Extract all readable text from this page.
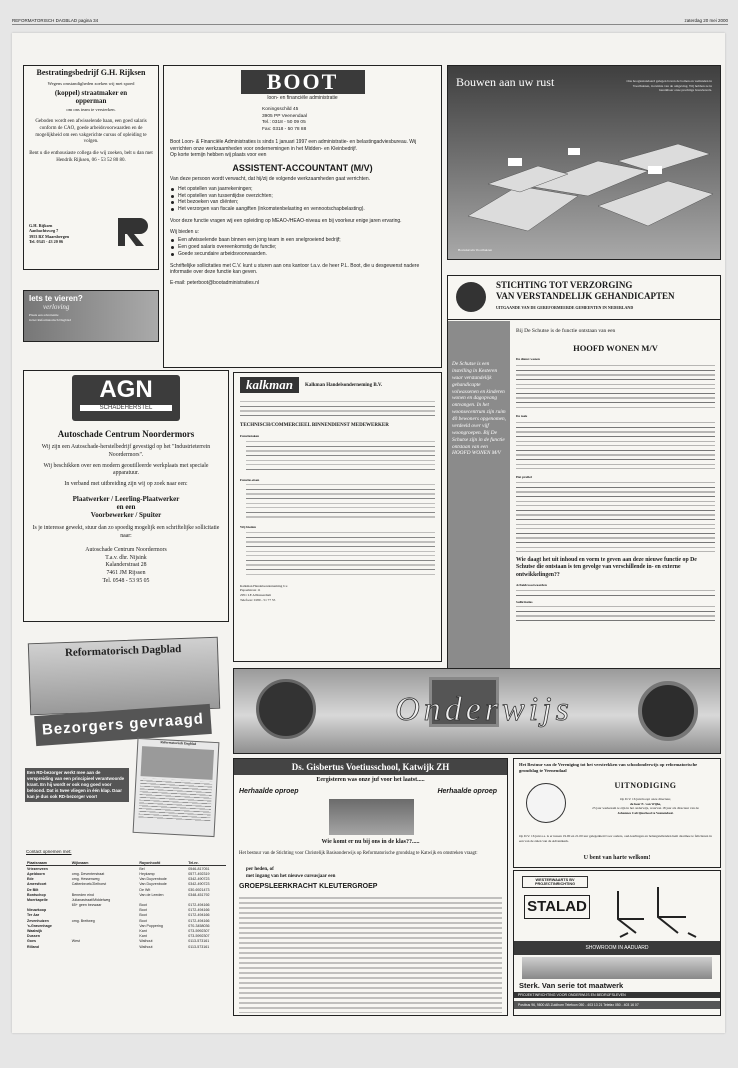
REFORMATORISCH DAGBLAD pagina 34	zaterdag 20 mei 2000
Bestratingsbedrijf G.H. Rijksen
Wegens omstandigheden zoeken wij met spoed
(koppel) straatmaker en
opperman
om ons team te versterken.
Geboden wordt een afwisselende baan, een goed salaris conform de CAO, goede arbeidsvoorwaarden en de mogelijkheid om een vakgerichte cursus of opleiding te volgen.
Bent u die enthousiaste collega die wij zoeken, belt u dan met Hendrik Rijksen, 06 - 53 52 80 80.
G.H. Rijksen
Aanbachtsweg 7
3953 BZ Maarsbergen
Tel. 0343 - 43 20 06
Iets te vieren?
verloving
Plaats een advertentie
in het Reformatorisch Dagblad
BOOT
loon- en financiële administratie
Koningsschild 45
3905 PP Veenendaal
Tel.: 0318 - 50 09 05
Fax: 0318 - 50 78 88
Boot Loon- & Financiële Administraties is sinds 1 januari 1997 een administratie- en belastingadviesbureau. Wij verrichten onze werkzaamheden voor ondernemingen in het Midden- en Kleinbedrijf.
Op korte termijn hebben wij plaats voor een
ASSISTENT-ACCOUNTANT (M/V)
Van deze persoon wordt verwacht, dat hij/zij de volgende werkzaamheden gaat verrichten.
Het opstellen van jaarrekeningen;
Het opstellen van tussentijdse overzichten;
Het bezoeken van cliënten;
Het verzorgen van fiscale aangiften (inkomstenbelasting en vennootschapbelasting).
Voor deze functie vragen wij een opleiding op MEAO-/HEAO-niveau en bij voorkeur enige jaren ervaring.
Wij bieden u:
Een afwisselende baan binnen een jong team in een snelgroeiend bedrijf;
Een goed salaris overeenkomstig de functie;
Goede secundaire arbeidsvoorwaarden.
Schriftelijke sollicitaties met C.V. kunt u sturen aan ons kantoor t.a.v. de heer P.L. Boot, die u desgewenst nadere informatie over deze functie kan geven.
E-mail: peterboot@bootadministraties.nl
Bouwen aan uw rust	Ons hoogtestandaard gelegen boven de bomen en weilanden in Voorthuizen, in ruimte van de omgeving. Wij hebben ze in bereikbaar onze prachtige bouwkavels.
Bouwkavels Voorthuizen
STICHTING TOT VERZORGING
VAN VERSTANDELIJK GEHANDICAPTEN
UITGAANDE VAN DE GEREFORMEERDE GEMEENTEN IN NEDERLAND
De Schutse is een instelling in Kesteren waar verstandelijk gehandicapte volwassenen en kinderen wonen en dagopvang ontvangen. In het woonsecentrum zijn ruim 40 bewoners opgenomen, verdeeld over vijf woongroepen. Bij De Schutse zijn in de functie ontstaan van een HOOFD WONEN M/V
Bij De Schutse is de functie ontstaan van een
HOOFD WONEN M/V
De dienst wonen
De taak
Het profiel
Wie daagt het uit inhoud en vorm te geven aan deze nieuwe functie op De Schutse die ontstaan is ten gevolge van verschillende in- en externe ontwikkelingen??
Arbeidsvoorwaarden
Sollicitaties
AGN
SCHADEHERSTEL
Autoschade Centrum Noordermors
Wij zijn een Autoschade-herstelbedrijf gevestigd op het "Industrieterrein Noordermors".
Wij beschikken over een modern geoutilleerde werkplaats met speciale apparatuur.
In verband met uitbreiding zijn wij op zoek naar een:
Plaatwerker / Leerling-Plaatwerker
en een
Voorbewerker / Spuiter
Is je interesse gewekt, stuur dan zo spoedig mogelijk een schriftelijke sollicitatie naar:
Autoschade Centrum Noordermors
T.a.v. dhr. Nijsink
Kalanderstraat 28
7461 JM Rijssen
Tel. 0548 - 53 95 05
kalkman	Kalkman Handelsonderneming B.V.
TECHNISCH/COMMERCIEEL BINNENDIENST MEDEWERKER
Functietaken
Functie-eisen
Wij bieden
Kalkman Handelsonderneming b.v.
Papaalstraat 11
2951 LE Alblasserdam
Telefoon: 0180 - 51 77 55
Reformatorisch Dagblad
Bezorgers gevraagd
Reformatorisch Dagblad
Een RD-bezorger werkt mee aan de verspreiding van een principieel verantwoorde krant. En hij wordt er ook nog goed voor beloond. Dat is twee vliegen in één klap. Daar kan je dus ook RD-bezorger voor!
Contact opnemen met:
Plaatsnaam	Wijknaam	Rayonhoofd	Tel.nr.
Vriezenveen		Bel	0546-817051
Apeldoorn	omg. Deventerstraat	Heykamp	0577-492319
Ede	omg. Hessenweg	Van Duyvenbode	0342-490723
Amersfoort	Cattenbroek/Zielhorst	Van Duyvenbode	0342-490723
De Bilt		De Wit	030-6921473
Bontschop	Beneden eind	Van de Leeden	0348-451792
Moerkapelle	Julianastraat/Middelweg		
	65+ geen bezwaar	Boot	0172-494166
Nieuwkoop		Boot	0172-494166
Ter Aar		Boot	0172-494166
Zevenhuizen	omg. Breitweg	Boot	0172-494166
's-Gravenhage		Van Poppering	070-3458036
Waalwijk		Kant	073-5992307
Dussen		Kant	073-5992307
Goes	West	Walhout	0113-573161
Rilland		Walhout	0113-573161
Onderwijs
Ds. Gisbertus Voetiusschool, Katwijk ZH
Eergisteren was onze juf voor het laatst.....
Herhaalde oproep	Herhaalde oproep
Wie komt er nu bij ons in de klas??.....
Het bestuur van de Stichting voor Christelijk Basisonderwijs op Reformatorische grondslag te Katwijk en omstreken vraagt:
per heden, of
met ingang van het nieuwe cursusjaar een
GROEPSLEERKRACHT KLEUTERGROEP
Het Bestuur van de Vereniging tot het verstrekken van schoolonderwijs op reformatorische grondslag te Veenendaal
UITNODIGING
Op D.V. 16 juni hoopt onze directeur,
de heer E. van Wijhe,
25 jaar werkzaam te zijn in het onderwijs, waarvan 18 jaar als directeur van de
Johannes Calvijnschool te Veenendaal.
Op D.V. 16 juni a.s. is er tussen 19.00 en 21.00 uur gelegenheid voor ouders, oud-leerlingen en belangstellenden hem daarmee te feliciteren in een van de zalen van de Adventkerk.
U bent van harte welkom!
WESTERWAARTS BV
PROJECTINRICHTING
STALAD
SHOWROOM IN AADUARD
Sterk. Van serie tot maatwerk
PROJEKTINRICHTING VOOR ONDERWIJS EN BEDRIJFSLEVEN
Postbus 96, 9800 AB Zuidhorn Telefoon 050 - 403 13 21 Telefax 050 - 403 16 07
